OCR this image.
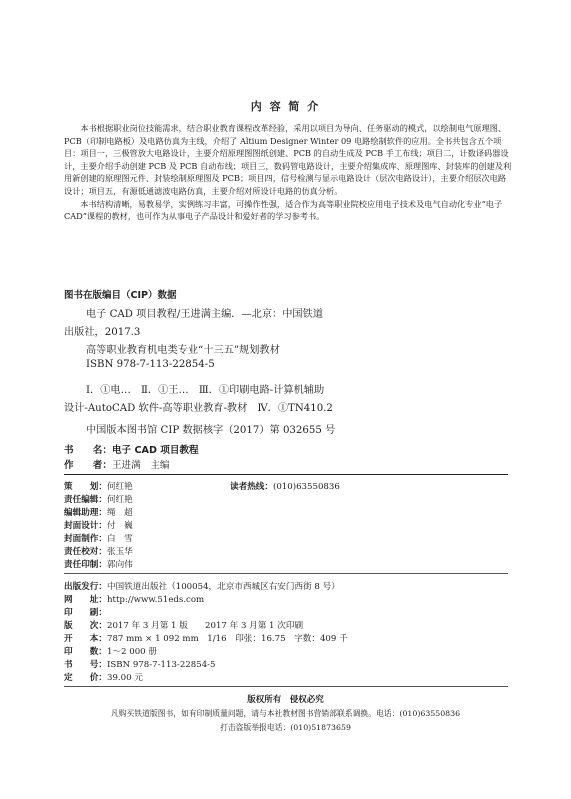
内 容 简 介

本书根据职业岗位技能需求，结合职业教育课程改革经验，采用以项目为导向、任务驱动的模式，以绘制电气原理图、PCB（印制电路板）及电路仿真为主线，介绍了 Altium Designer Winter 09 电路绘制软件的应用。全书共包含五个项目：项目一，三极管放大电路设计，主要介绍原理图图纸创建、PCB 的自动生成及 PCB 手工布线；项目二，计数译码器设计，主要介绍手动创建 PCB 及 PCB 自动布线；项目三，数码管电路设计，主要介绍集成库、原理图库、封装库的创建及利用新创建的原理图元件、封装绘制原理图及 PCB；项目四，信号检测与显示电路设计（层次电路设计），主要介绍层次电路设计；项目五，有源低通滤波电路仿真，主要介绍对所设计电路的仿真分析。

本书结构清晰，易教易学，实例练习丰富，可操作性强，适合作为高等职业院校应用电子技术及电气自动化专业“电子 CAD”课程的教材，也可作为从事电子产品设计和爱好者的学习参考书。

图书在版编目（CIP）数据
电子 CAD 项目教程/王进满主编．—北京：中国铁道
出版社，2017.3
高等职业教育机电类专业“十三五”规划教材
ISBN 978-7-113-22854-5
Ⅰ．①电…　Ⅱ．①王…　Ⅲ．①印刷电路-计算机辅助
设计-AutoCAD 软件-高等职业教育-教材　Ⅳ．①TN410.2
中国版本图书馆 CIP 数据核字（2017）第 032655 号
书　　名：电子 CAD 项目教程
作　　者：王进满　主编
策　　划：何红艳	读者热线：(010)63550836
责任编辑：何红艳
编辑助理：绳　超
封面设计：付　巍
封面制作：白　雪
责任校对：张玉华
责任印制：郭向伟
出版发行：中国铁道出版社（100054，北京市西城区右安门西街 8 号）
网　　址：http://www.51eds.com
印　　刷：
版　　次：2017 年 3 月第 1 版　　2017 年 3 月第 1 次印刷
开　　本：787 mm × 1 092 mm　1/16　印张：16.75　字数：409 千
印　　数：1～2 000 册
书　　号：ISBN 978-7-113-22854-5
定　　价：39.00 元
版权所有　侵权必究
凡购买铁道版图书，如有印制质量问题，请与本社教材图书营销部联系调换。电话：(010)63550836
打击盗版举报电话：(010)51873659
